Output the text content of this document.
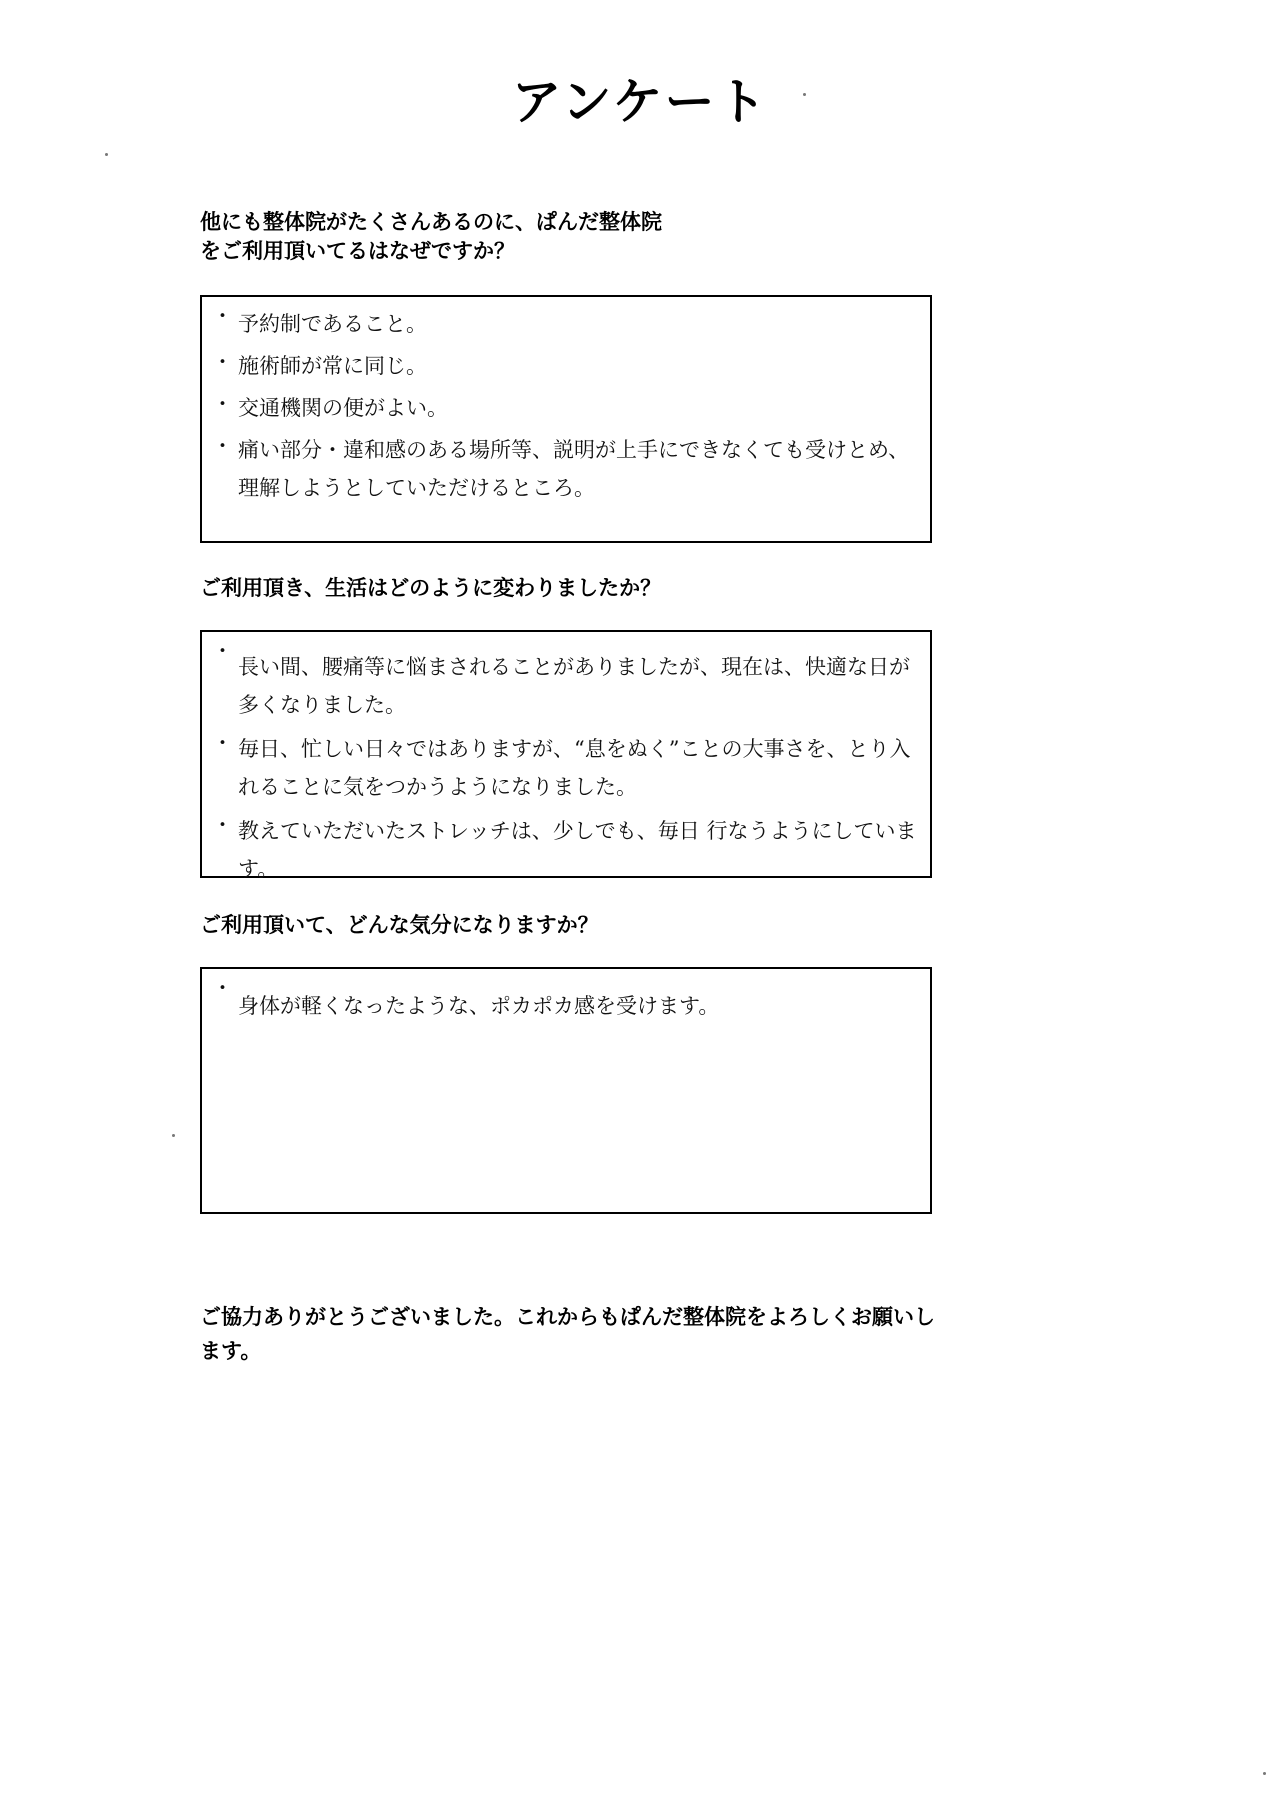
アンケート

他にも整体院がたくさんあるのに、ぱんだ整体院
をご利用頂いてるはなぜですか？

・ 予約制であること。
・ 施術師が常に同じ。
・ 交通機関の便がよい。
・ 痛い部分・違和感のある場所等、説明が上手にできなくても受けとめ、理解しようとしていただけるところ。

ご利用頂き、生活はどのように変わりましたか？

・ 長い間、腰痛等に悩まされることがありましたが、現在は、快適な日が多くなりました。
・ 毎日、忙しい日々ではありますが、“息をぬく”ことの大事さを、とり入れることに気をつかうようになりました。
・ 教えていただいたストレッチは、少しでも、毎日 行なうようにしています。

ご利用頂いて、どんな気分になりますか？

・ 身体が軽くなったような、ポカポカ感を受けます。

ご協力ありがとうございました。これからもぱんだ整体院をよろしくお願いします。
